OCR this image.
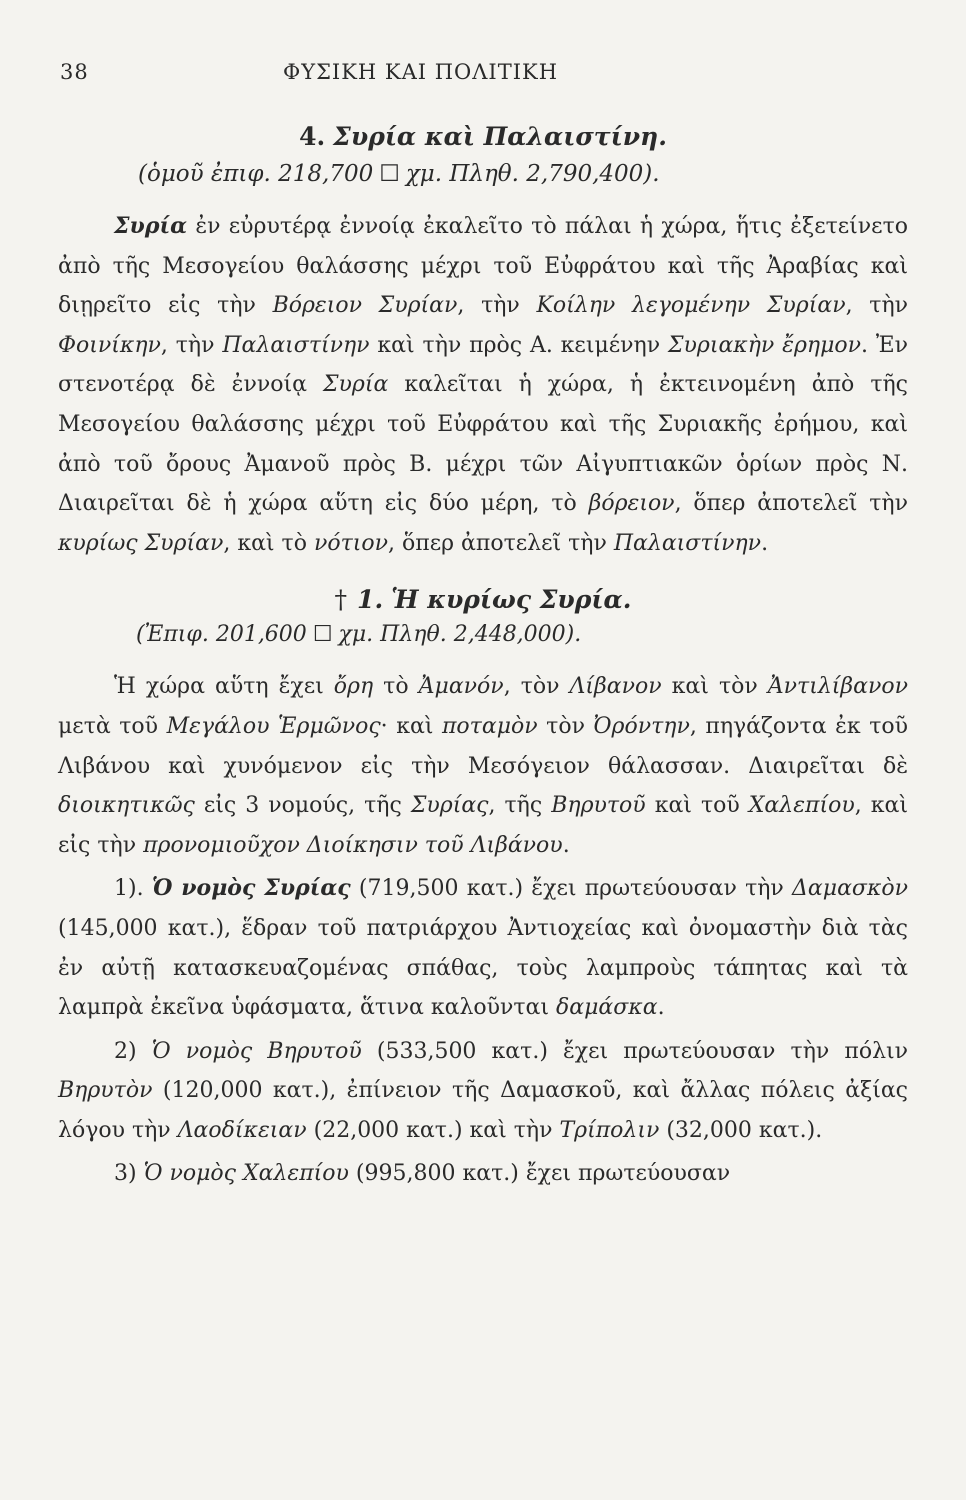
38	ΦΥΣΙΚΗ ΚΑΙ ΠΟΛΙΤΙΚΗ
4. Συρία καὶ Παλαιστίνη.
(ὁμοῦ ἐπιφ. 218,700 ☐ χμ. Πληθ. 2,790,400).

Συρία ἐν εὐρυτέρᾳ ἐννοίᾳ ἐκαλεῖτο τὸ πάλαι ἡ χώρα, ἥτις ἐξετείνετο ἀπὸ τῆς Μεσογείου θαλάσσης μέχρι τοῦ Εὐφράτου καὶ τῆς Ἀραβίας καὶ διῃρεῖτο εἰς τὴν Βόρειον Συρίαν, τὴν Κοίλην λεγομένην Συρίαν, τὴν Φοινίκην, τὴν Παλαιστίνην καὶ τὴν πρὸς Α. κειμένην Συριακὴν ἔρημον. Ἐν στενοτέρᾳ δὲ ἐννοίᾳ Συρία καλεῖται ἡ χώρα, ἡ ἐκτεινομένη ἀπὸ τῆς Μεσογείου θαλάσσης μέχρι τοῦ Εὐφράτου καὶ τῆς Συριακῆς ἐρήμου, καὶ ἀπὸ τοῦ ὄρους Ἀμανοῦ πρὸς Β. μέχρι τῶν Αἰγυπτιακῶν ὁρίων πρὸς Ν. Διαιρεῖται δὲ ἡ χώρα αὕτη εἰς δύο μέρη, τὸ βόρειον, ὅπερ ἀποτελεῖ τὴν κυρίως Συρίαν, καὶ τὸ νότιον, ὅπερ ἀποτελεῖ τὴν Παλαιστίνην.

† 1. Ἡ κυρίως Συρία.
(Ἐπιφ. 201,600 ☐ χμ. Πληθ. 2,448,000).

Ἡ χώρα αὕτη ἔχει ὄρη τὸ Ἀμανόν, τὸν Λίβανον καὶ τὸν Ἀντιλίβανον μετὰ τοῦ Μεγάλου Ἑρμῶνος· καὶ ποταμὸν τὸν Ὀρόντην, πηγάζοντα ἐκ τοῦ Λιβάνου καὶ χυνόμενον εἰς τὴν Μεσόγειον θάλασσαν. Διαιρεῖται δὲ διοικητικῶς εἰς 3 νομούς, τῆς Συρίας, τῆς Βηρυτοῦ καὶ τοῦ Χαλεπίου, καὶ εἰς τὴν προνομιοῦχον Διοίκησιν τοῦ Λιβάνου.

1). Ὁ νομὸς Συρίας (719,500 κατ.) ἔχει πρωτεύουσαν τὴν Δαμασκὸν (145,000 κατ.), ἕδραν τοῦ πατριάρχου Ἀντιοχείας καὶ ὀνομαστὴν διὰ τὰς ἐν αὐτῇ κατασκευαζομένας σπάθας, τοὺς λαμπροὺς τάπητας καὶ τὰ λαμπρὰ ἐκεῖνα ὑφάσματα, ἅτινα καλοῦνται δαμάσκα.

2) Ὁ νομὸς Βηρυτοῦ (533,500 κατ.) ἔχει πρωτεύουσαν τὴν πόλιν Βηρυτὸν (120,000 κατ.), ἐπίνειον τῆς Δαμασκοῦ, καὶ ἄλλας πόλεις ἀξίας λόγου τὴν Λαοδίκειαν (22,000 κατ.) καὶ τὴν Τρίπολιν (32,000 κατ.).

3) Ὁ νομὸς Χαλεπίου (995,800 κατ.) ἔχει πρωτεύουσαν
